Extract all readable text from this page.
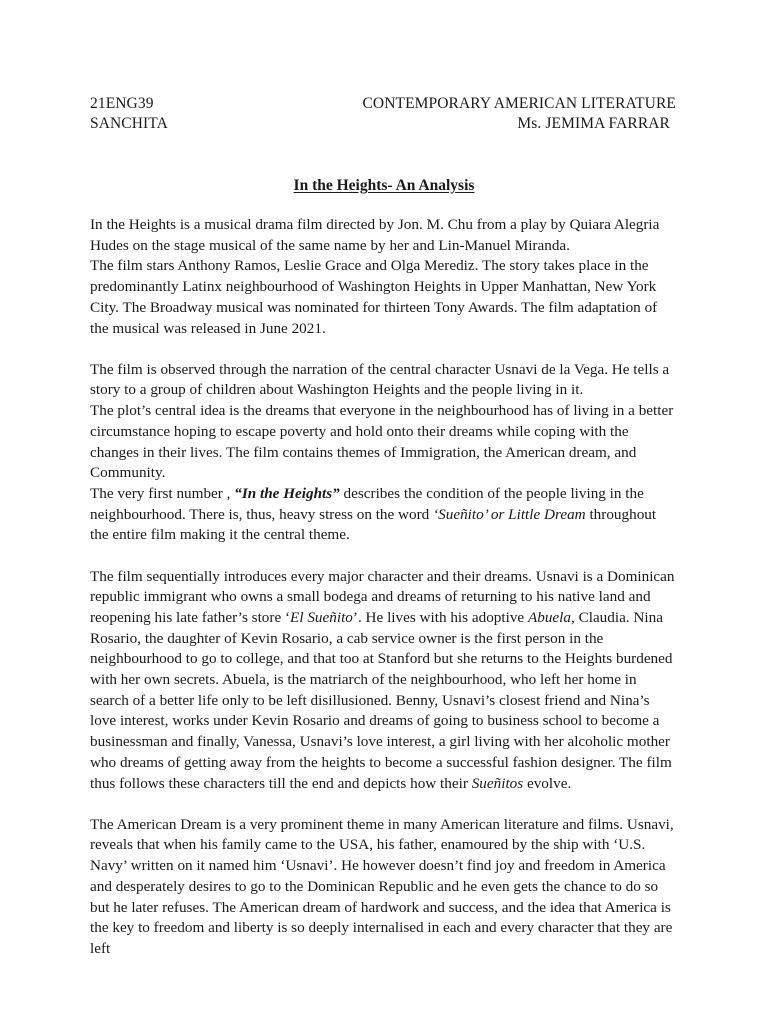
21ENG39	CONTEMPORARY AMERICAN LITERATURE
SANCHITA	Ms. JEMIMA FARRAR
In the Heights- An Analysis

In the Heights is a musical drama film directed by Jon. M. Chu from a play by Quiara Alegria Hudes on the stage musical of the same name by her and Lin-Manuel Miranda.

The film stars Anthony Ramos, Leslie Grace and Olga Merediz. The story takes place in the predominantly Latinx neighbourhood of Washington Heights in Upper Manhattan, New York City. The Broadway musical was nominated for thirteen Tony Awards. The film adaptation of the musical was released in June 2021.

The film is observed through the narration of the central character Usnavi de la Vega. He tells a story to a group of children about Washington Heights and the people living in it.

The plot’s central idea is the dreams that everyone in the neighbourhood has of living in a better circumstance hoping to escape poverty and hold onto their dreams while coping with the changes in their lives. The film contains themes of Immigration, the American dream, and Community.

The very first number , “In the Heights” describes the condition of the people living in the neighbourhood. There is, thus, heavy stress on the word ‘Sueñito’ or Little Dream throughout the entire film making it the central theme.

The film sequentially introduces every major character and their dreams. Usnavi is a Dominican republic immigrant who owns a small bodega and dreams of returning to his native land and reopening his late father’s store ‘El Sueñito’. He lives with his adoptive Abuela, Claudia. Nina Rosario, the daughter of Kevin Rosario, a cab service owner is the first person in the neighbourhood to go to college, and that too at Stanford but she returns to the Heights burdened with her own secrets. Abuela, is the matriarch of the neighbourhood, who left her home in search of a better life only to be left disillusioned. Benny, Usnavi’s closest friend and Nina’s love interest, works under Kevin Rosario and dreams of going to business school to become a businessman and finally, Vanessa, Usnavi’s love interest, a girl living with her alcoholic mother who dreams of getting away from the heights to become a successful fashion designer. The film thus follows these characters till the end and depicts how their Sueñitos evolve.

The American Dream is a very prominent theme in many American literature and films. Usnavi, reveals that when his family came to the USA, his father, enamoured by the ship with ‘U.S. Navy’ written on it named him ‘Usnavi’. He however doesn’t find joy and freedom in America and desperately desires to go to the Dominican Republic and he even gets the chance to do so but he later refuses. The American dream of hardwork and success, and the idea that America is the key to freedom and liberty is so deeply internalised in each and every character that they are left
